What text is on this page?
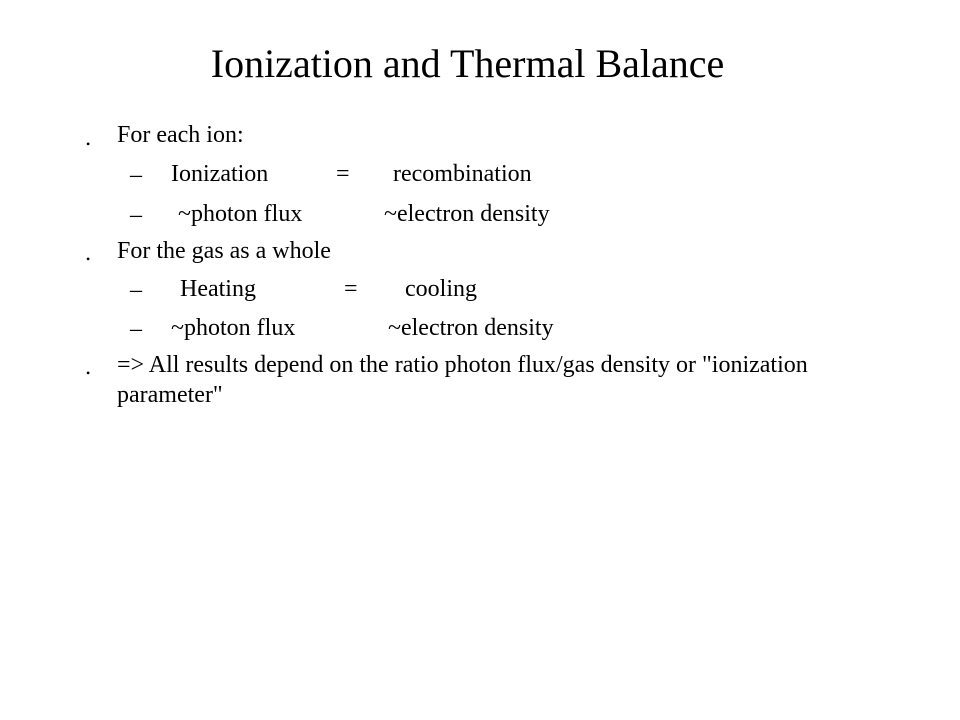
Ionization and Thermal Balance
•
For each ion:
– Ionization	= recombination
– ~photon flux	~electron density
•
For the gas as a whole
– Heating	= cooling
– ~photon flux	~electron density
•
=> All results depend on the ratio photon flux/gas density or "ionization parameter"
